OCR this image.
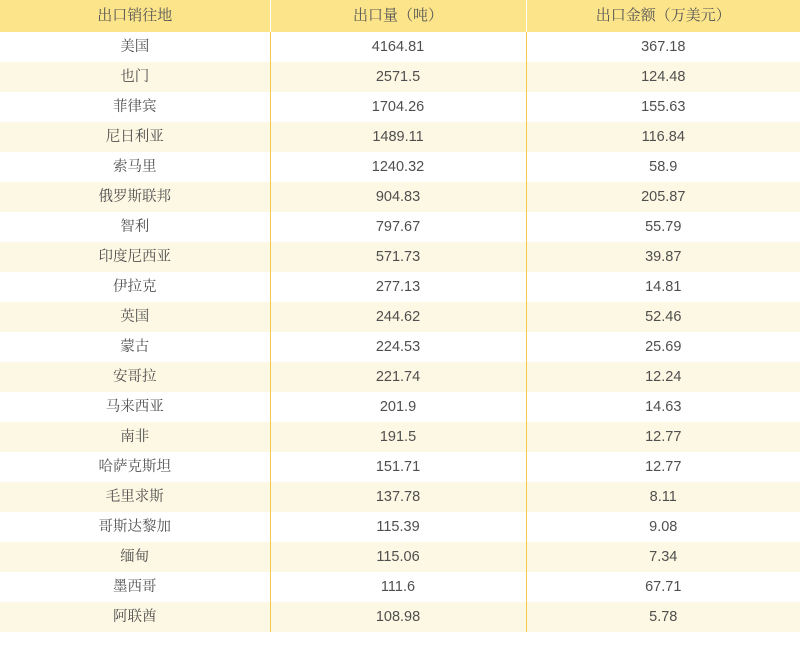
出口销往地	出口量（吨）	出口金额（万美元）
美国	4164.81	367.18
也门	2571.5	124.48
菲律宾	1704.26	155.63
尼日利亚	1489.11	116.84
索马里	1240.32	58.9
俄罗斯联邦	904.83	205.87
智利	797.67	55.79
印度尼西亚	571.73	39.87
伊拉克	277.13	14.81
英国	244.62	52.46
蒙古	224.53	25.69
安哥拉	221.74	12.24
马来西亚	201.9	14.63
南非	191.5	12.77
哈萨克斯坦	151.71	12.77
毛里求斯	137.78	8.11
哥斯达黎加	115.39	9.08
缅甸	115.06	7.34
墨西哥	111.6	67.71
阿联酋	108.98	5.78
